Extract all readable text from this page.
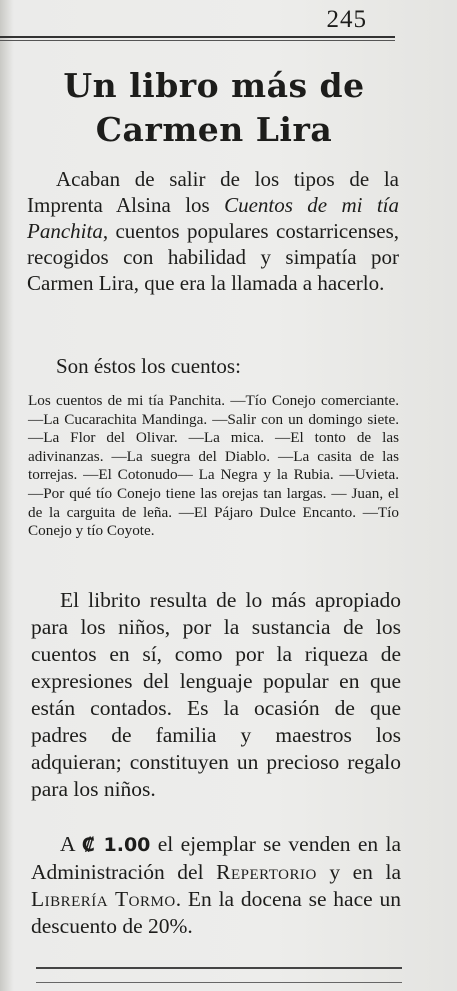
245
Un libro más de
Carmen Lira

Acaban de salir de los tipos de la Imprenta Alsina los Cuentos de mi tía Panchita, cuentos populares costarricenses, recogidos con habilidad y simpatía por Carmen Lira, que era la llamada a hacerlo.

Son éstos los cuentos:

Los cuentos de mi tía Panchita. —Tío Conejo comerciante. —La Cucarachita Mandinga. —Salir con un domingo siete. —La Flor del Olivar. —La mica. —El tonto de las adivinanzas. —La suegra del Diablo. —La casita de las torrejas. —El Cotonudo— La Negra y la Rubia. —Uvieta. —Por qué tío Conejo tiene las orejas tan largas. — Juan, el de la carguita de leña. —El Pájaro Dulce Encanto. —Tío Conejo y tío Coyote.

El librito resulta de lo más apropiado para los niños, por la sustancia de los cuentos en sí, como por la riqueza de expresiones del lenguaje popular en que están contados. Es la ocasión de que padres de familia y maestros los adquieran; constituyen un precioso regalo para los niños.

A ₡ 1.00 el ejemplar se venden en la Administración del Repertorio y en la Librería Tormo. En la docena se hace un descuento de 20%.
